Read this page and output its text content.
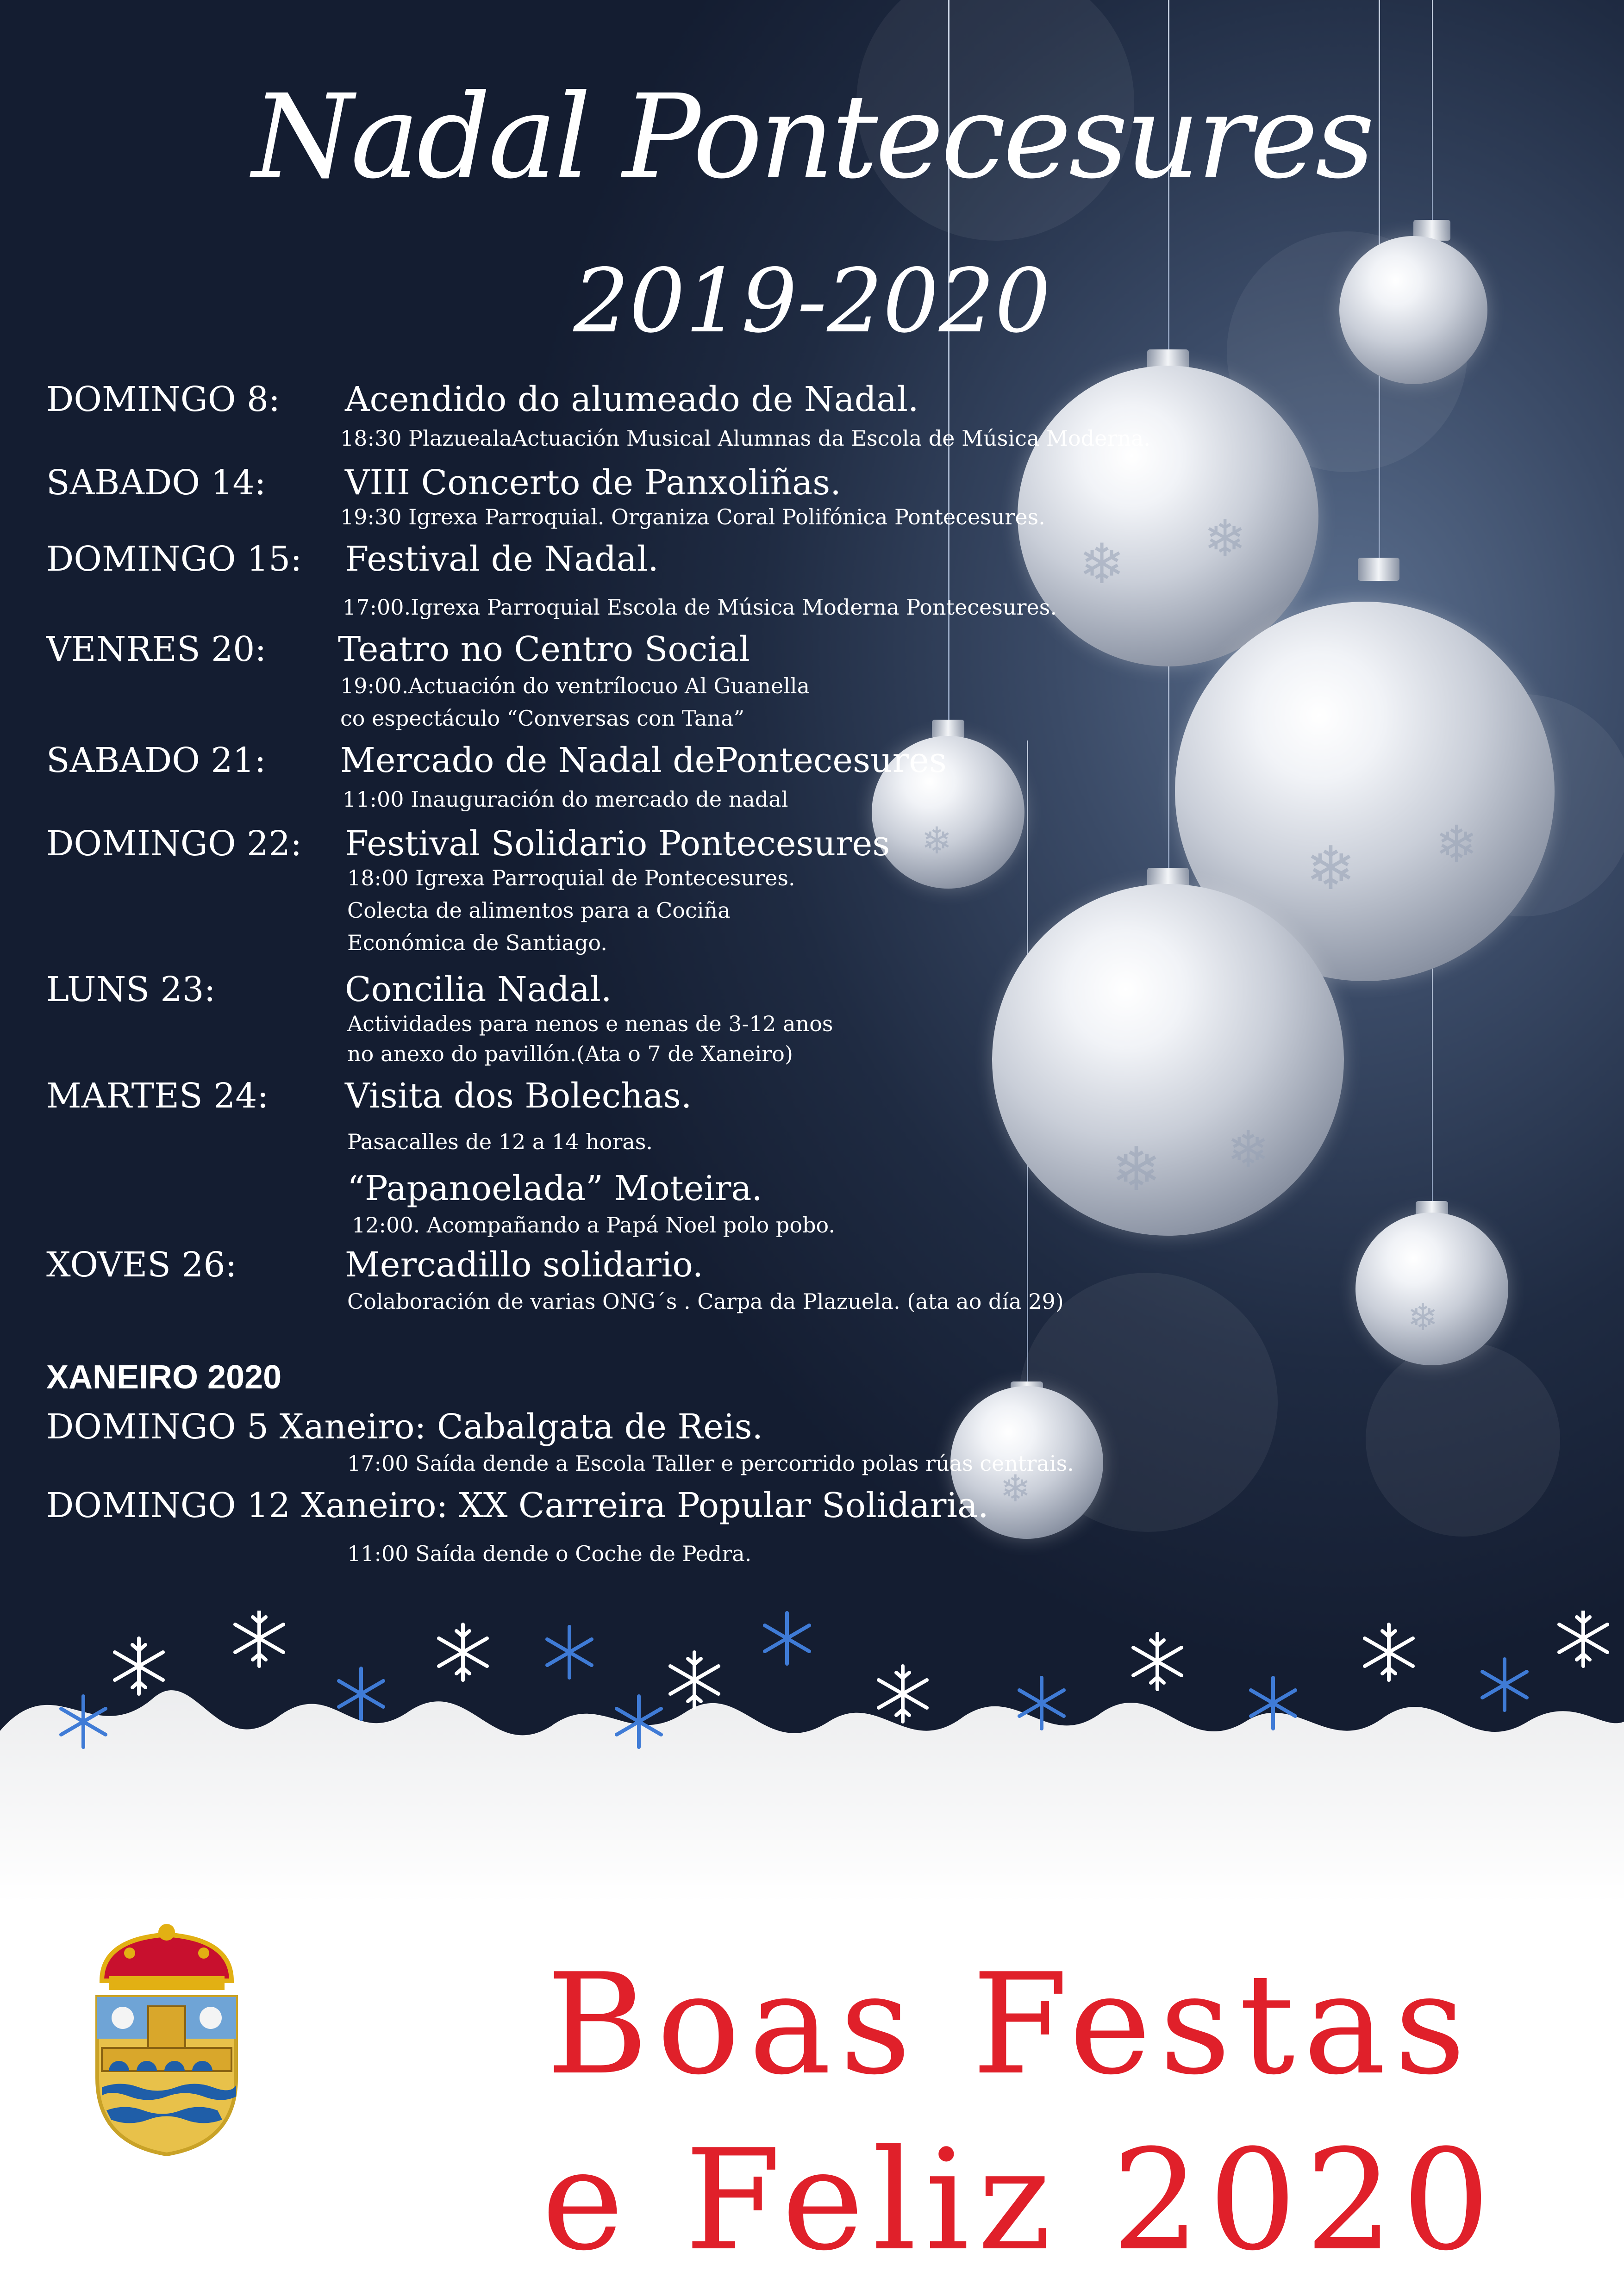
❄ ❄
❄ ❄
❄ ❄
❄
❄
❄
Nadal Pontecesures
2019-2020
DOMINGO 8: Acendido do alumeado de Nadal.
18:30 PlazuealaActuación Musical Alumnas da Escola de Música Moderna.
SABADO 14: VIII Concerto de Panxoliñas.
19:30 Igrexa Parroquial. Organiza Coral Polifónica Pontecesures.
DOMINGO 15: Festival de Nadal.
17:00.Igrexa Parroquial Escola de Música Moderna Pontecesures.
VENRES 20: Teatro no Centro Social
19:00.Actuación do ventrílocuo Al Guanella
co espectáculo “Conversas con Tana”
SABADO 21: Mercado de Nadal dePontecesures
11:00 Inauguración do mercado de nadal
DOMINGO 22: Festival Solidario Pontecesures
18:00 Igrexa Parroquial de Pontecesures.
Colecta de alimentos para a Cociña
Económica de Santiago.
LUNS 23:	Concilia Nadal.
Actividades para nenos e nenas de 3-12 anos
no anexo do pavillón.(Ata o 7 de Xaneiro)
MARTES 24: Visita dos Bolechas.
Pasacalles de 12 a 14 horas.
“Papanoelada” Moteira.
12:00. Acompañando a Papá Noel polo pobo.
XOVES 26:	Mercadillo solidario.
Colaboración de varias ONG´s . Carpa da Plazuela. (ata ao día 29)
XANEIRO 2020
DOMINGO 5 Xaneiro: Cabalgata de Reis.
17:00 Saída dende a Escola Taller e percorrido polas rúas centrais.
DOMINGO 12 Xaneiro: XX Carreira Popular Solidaria.
11:00 Saída dende o Coche de Pedra.
Boas Festas
e Feliz 2020
